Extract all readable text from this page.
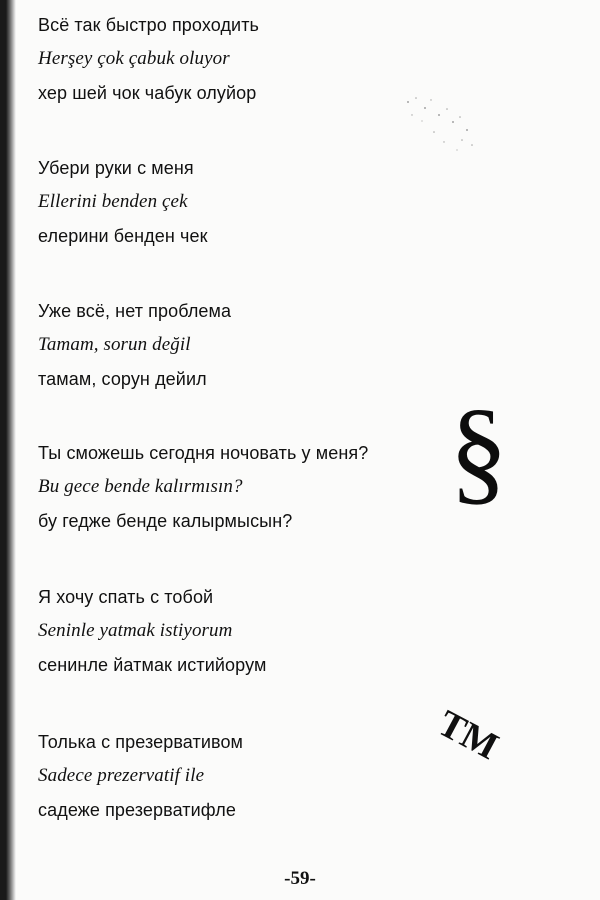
Всё так быстро проходить
Herşey çok çabuk oluyor
хер шей чок чабук олуйор
Убери руки с меня
Ellerini benden çek
елерини бенден чек
Уже всё, нет проблема
Tamam, sorun değil
тамам, сорун дейил
Ты сможешь сегодня ночовать у меня?
Bu gece bende kalırmısın?
бу гедже бенде калырмысын?
Я хочу спать с тобой
Seninle yatmak istiyorum
сенинле йатмак истийорум
Толька с презервативом
Sadece prezervatif ile
садеже презерватифле
§
TM
-59-
